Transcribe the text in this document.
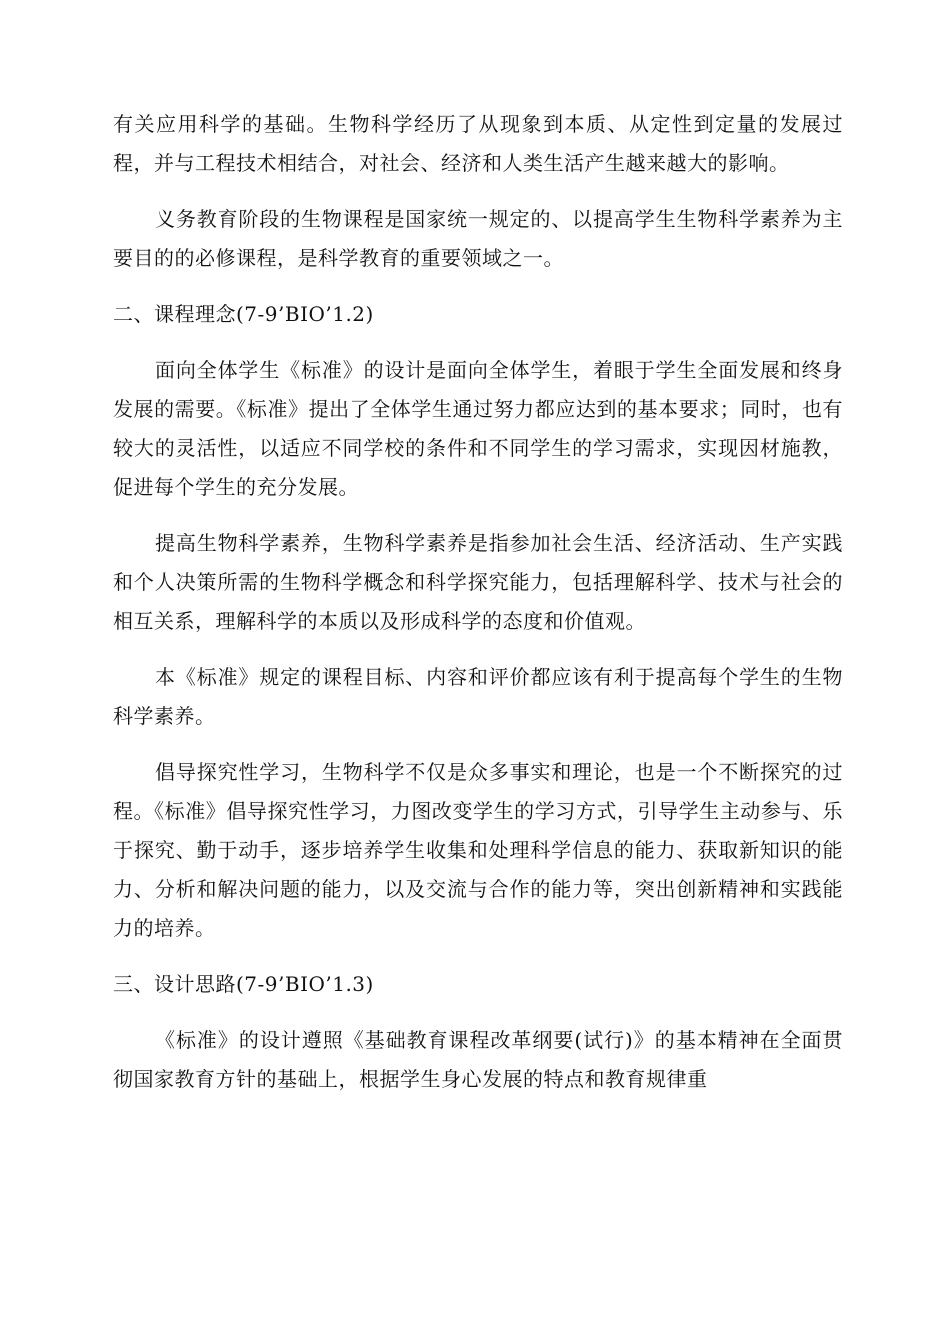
有关应用科学的基础。生物科学经历了从现象到本质、从定性到定量的发展过程，并与工程技术相结合，对社会、经济和人类生活产生越来越大的影响。

义务教育阶段的生物课程是国家统一规定的、以提高学生生物科学素养为主要目的的必修课程，是科学教育的重要领域之一。

二、课程理念(7-9’BIO’1.2)

面向全体学生《标准》的设计是面向全体学生，着眼于学生全面发展和终身发展的需要。《标准》提出了全体学生通过努力都应达到的基本要求；同时，也有较大的灵活性，以适应不同学校的条件和不同学生的学习需求，实现因材施教，促进每个学生的充分发展。

提高生物科学素养，生物科学素养是指参加社会生活、经济活动、生产实践和个人决策所需的生物科学概念和科学探究能力，包括理解科学、技术与社会的相互关系，理解科学的本质以及形成科学的态度和价值观。

本《标准》规定的课程目标、内容和评价都应该有利于提高每个学生的生物科学素养。

倡导探究性学习，生物科学不仅是众多事实和理论，也是一个不断探究的过程。《标准》倡导探究性学习，力图改变学生的学习方式，引导学生主动参与、乐于探究、勤于动手，逐步培养学生收集和处理科学信息的能力、获取新知识的能力、分析和解决问题的能力，以及交流与合作的能力等，突出创新精神和实践能力的培养。

三、设计思路(7-9’BIO’1.3)

《标准》的设计遵照《基础教育课程改革纲要(试行)》的基本精神在全面贯彻国家教育方针的基础上，根据学生身心发展的特点和教育规律重
